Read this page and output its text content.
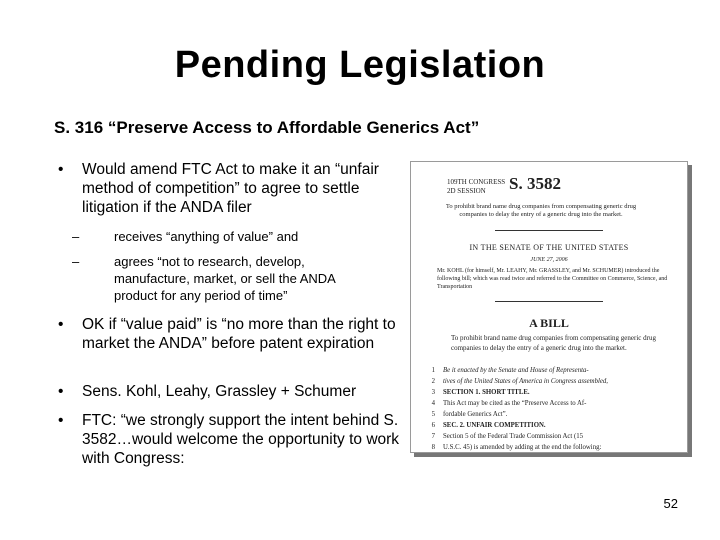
Pending Legislation
S. 316 “Preserve Access to Affordable Generics Act”
• Would amend FTC Act to make it an “unfair method of competition” to agree to settle litigation if the ANDA filer
–	receives “anything of value” and
–	agrees “not to research, develop, manufacture, market, or sell the ANDA product for any period of time”
• OK if “value paid” is “no more than the right to market the ANDA” before patent expiration
• Sens. Kohl, Leahy, Grassley + Schumer
• FTC: “we strongly support the intent behind S. 3582…would welcome the opportunity to work with Congress:
109TH CONGRESS
2D SESSION	S. 3582
To prohibit brand name drug companies from compensating generic drug companies to delay the entry of a generic drug into the market.
IN THE SENATE OF THE UNITED STATES
JUNE 27, 2006
Mr. KOHL (for himself, Mr. LEAHY, Mr. GRASSLEY, and Mr. SCHUMER) introduced the following bill; which was read twice and referred to the Committee on Commerce, Science, and Transportation
A BILL
To prohibit brand name drug companies from compensating generic drug companies to delay the entry of a generic drug into the market.
1 Be it enacted by the Senate and House of Representa-
2 tives of the United States of America in Congress assembled,
3 SECTION 1. SHORT TITLE.
4 This Act may be cited as the “Preserve Access to Af-
5 fordable Generics Act”.
6 SEC. 2. UNFAIR COMPETITION.
7 Section 5 of the Federal Trade Commission Act (15
8 U.S.C. 45) is amended by adding at the end the following:
52
